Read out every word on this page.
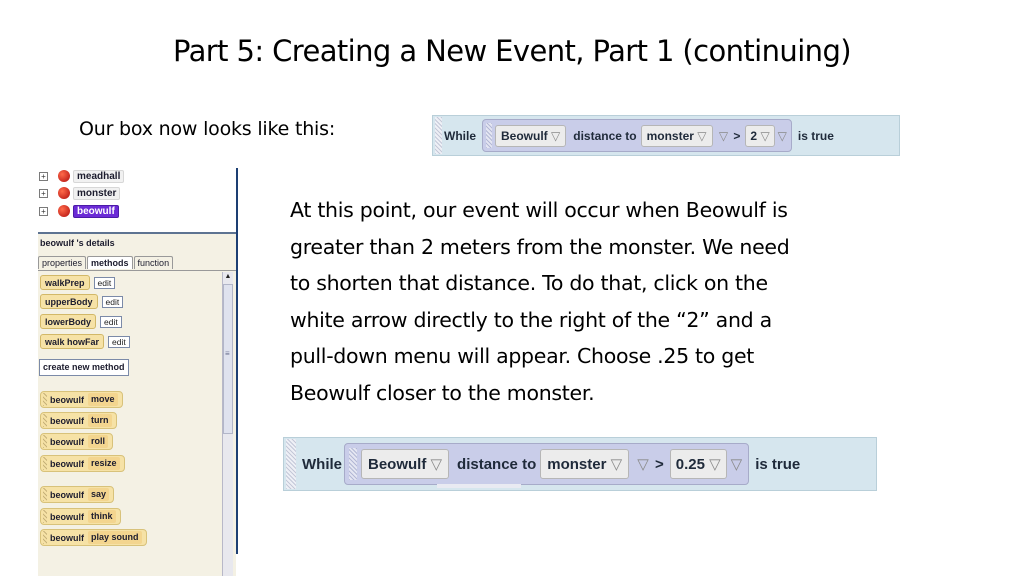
Part 5: Creating a New Event, Part 1 (continuing)
Our box now looks like this:

At this point, our event will occur when Beowulf is

greater than 2 meters from the monster. We need

to shorten that distance. To do that, click on the

white arrow directly to the right of the “2” and a

pull-down menu will appear. Choose .25 to get

Beowulf closer to the monster.

While	Beowulf ▽	distance to monster ▽ ▽ > 2 ▽ ▽ is true
While Beowulf ▽ distance to monster ▽ ▽ > 0.25 ▽ ▽ is true
+	meadhall
+	monster
+	beowulf
beowulf 's details
properties	methods	function
walkPrep	edit
upperBody	edit
lowerBody	edit
walk howFar	edit
create new method
beowulf move
beowulf turn
beowulf roll
beowulf resize
beowulf say
beowulf think
beowulf play sound
▲
≡
